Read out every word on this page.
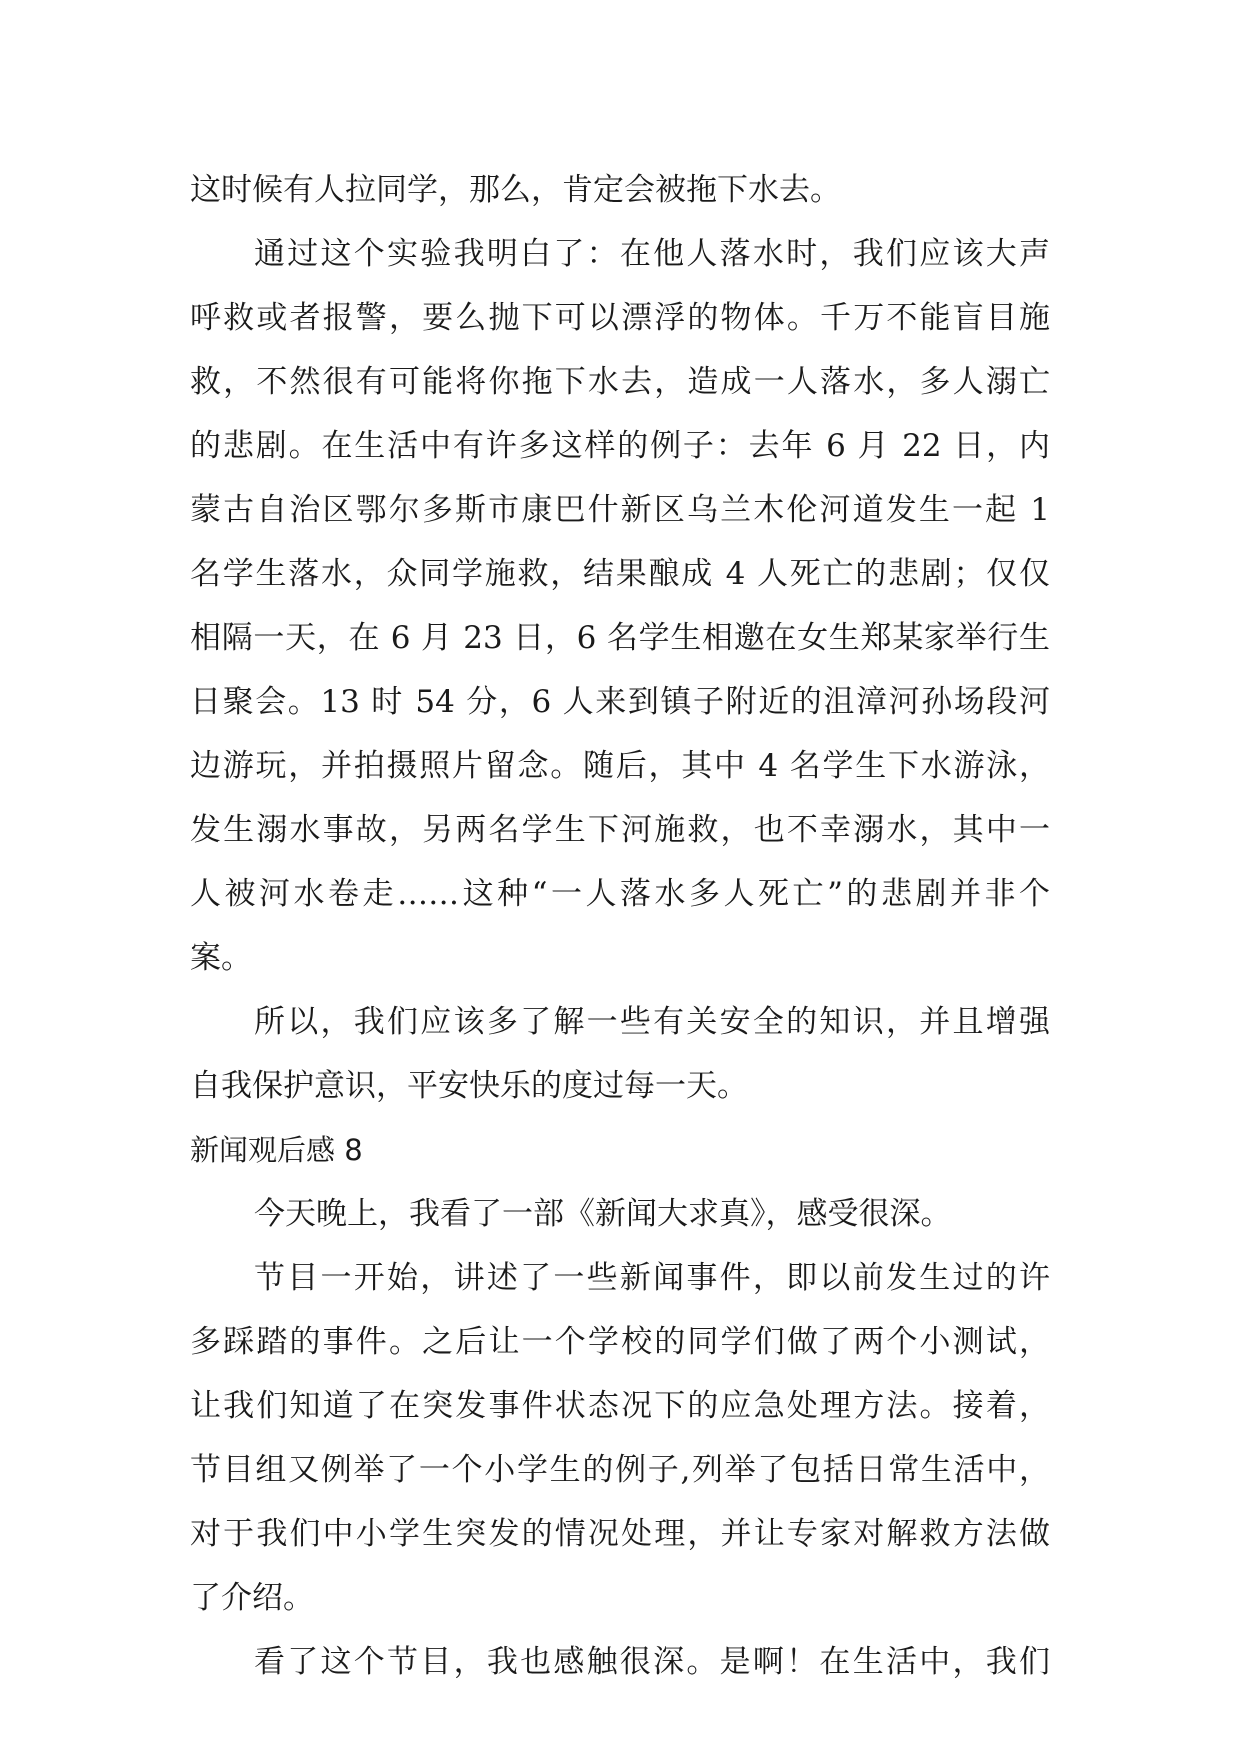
这时候有人拉同学，那么，肯定会被拖下水去。
通过这个实验我明白了：在他人落水时，我们应该大声
呼救或者报警，要么抛下可以漂浮的物体。千万不能盲目施
救，不然很有可能将你拖下水去，造成一人落水，多人溺亡
的悲剧。在生活中有许多这样的例子：去年 6 月 22 日，内
蒙古自治区鄂尔多斯市康巴什新区乌兰木伦河道发生一起 1
名学生落水，众同学施救，结果酿成 4 人死亡的悲剧；仅仅
相隔一天，在 6 月 23 日，6 名学生相邀在女生郑某家举行生
日聚会。13 时 54 分，6 人来到镇子附近的沮漳河孙场段河
边游玩，并拍摄照片留念。随后，其中 4 名学生下水游泳，
发生溺水事故，另两名学生下河施救，也不幸溺水，其中一
人被河水卷走……这种“一人落水多人死亡”的悲剧并非个
案。
所以，我们应该多了解一些有关安全的知识，并且增强
自我保护意识，平安快乐的度过每一天。
新闻观后感 8
今天晚上，我看了一部《新闻大求真》，感受很深。
节目一开始，讲述了一些新闻事件，即以前发生过的许
多踩踏的事件。之后让一个学校的同学们做了两个小测试，
让我们知道了在突发事件状态况下的应急处理方法。接着，
节目组又例举了一个小学生的例子,列举了包括日常生活中，
对于我们中小学生突发的情况处理，并让专家对解救方法做
了介绍。
看了这个节目，我也感触很深。是啊！在生活中，我们
